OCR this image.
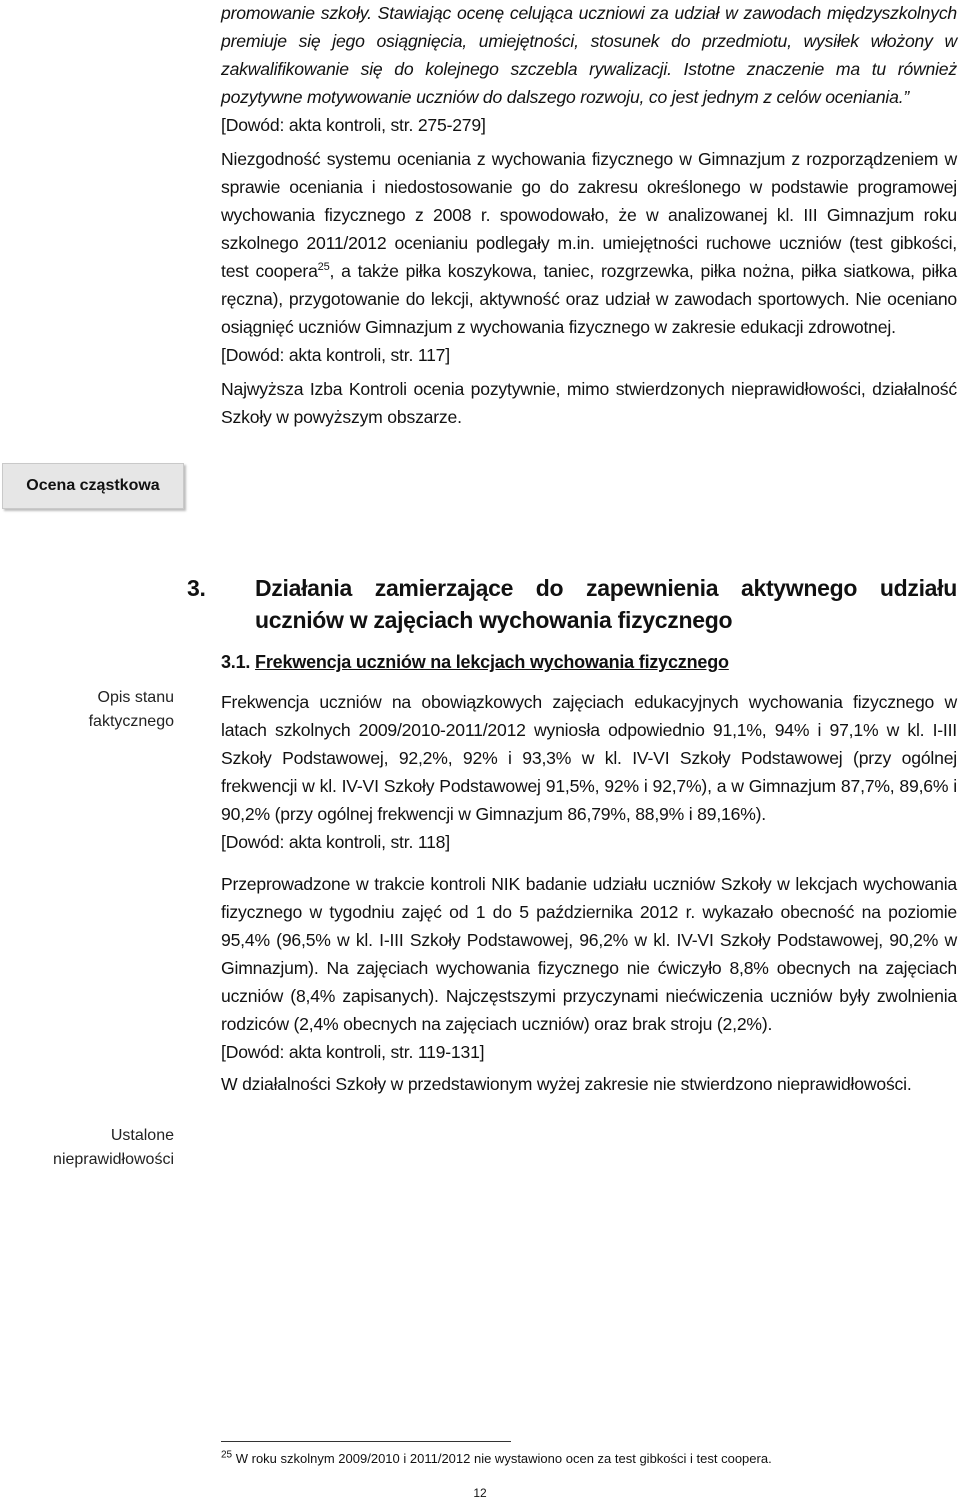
promowanie szkoły. Stawiając ocenę celująca uczniowi za udział w zawodach międzyszkolnych premiuje się jego osiągnięcia, umiejętności, stosunek do przedmiotu, wysiłek włożony w zakwalifikowanie się do kolejnego szczebla rywalizacji. Istotne znaczenie ma tu również pozytywne motywowanie uczniów do dalszego rozwoju, co jest jednym z celów oceniania.”

[Dowód: akta kontroli, str. 275-279]

Niezgodność systemu oceniania z wychowania fizycznego w Gimnazjum z rozporządzeniem w sprawie oceniania i niedostosowanie go do zakresu określonego w podstawie programowej wychowania fizycznego z 2008 r. spowodowało, że w analizowanej kl. III Gimnazjum roku szkolnego 2011/2012 ocenianiu podlegały m.in. umiejętności ruchowe uczniów (test gibkości, test coopera$^{25}$, a także piłka koszykowa, taniec, rozgrzewka, piłka nożna, piłka siatkowa, piłka ręczna), przygotowanie do lekcji, aktywność oraz udział w zawodach sportowych. Nie oceniano osiągnięć uczniów Gimnazjum z wychowania fizycznego w zakresie edukacji zdrowotnej.

[Dowód: akta kontroli, str. 117]

Najwyższa Izba Kontroli ocenia pozytywnie, mimo stwierdzonych nieprawidłowości, działalność Szkoły w powyższym obszarze.

Ocena cząstkowa
3. Działania zamierzające do zapewnienia aktywnego udziału uczniów w zajęciach wychowania fizycznego
3.1. Frekwencja uczniów na lekcjach wychowania fizycznego
Opis stanu
faktycznego

Frekwencja uczniów na obowiązkowych zajęciach edukacyjnych wychowania fizycznego w latach szkolnych 2009/2010-2011/2012 wyniosła odpowiednio 91,1%, 94% i 97,1% w kl. I-III Szkoły Podstawowej, 92,2%, 92% i 93,3% w kl. IV-VI Szkoły Podstawowej (przy ogólnej frekwencji w kl. IV-VI Szkoły Podstawowej 91,5%, 92% i 92,7%), a w Gimnazjum 87,7%, 89,6% i 90,2% (przy ogólnej frekwencji w Gimnazjum 86,79%, 88,9% i 89,16%).

[Dowód: akta kontroli, str. 118]

Przeprowadzone w trakcie kontroli NIK badanie udziału uczniów Szkoły w lekcjach wychowania fizycznego w tygodniu zajęć od 1 do 5 października 2012 r. wykazało obecność na poziomie 95,4% (96,5% w kl. I-III Szkoły Podstawowej, 96,2% w kl. IV-VI Szkoły Podstawowej, 90,2% w Gimnazjum). Na zajęciach wychowania fizycznego nie ćwiczyło 8,8% obecnych na zajęciach uczniów (8,4% zapisanych). Najczęstszymi przyczynami niećwiczenia uczniów były zwolnienia rodziców (2,4% obecnych na zajęciach uczniów) oraz brak stroju (2,2%).

[Dowód: akta kontroli, str. 119-131]

W działalności Szkoły w przedstawionym wyżej zakresie nie stwierdzono nieprawidłowości.

Ustalone
nieprawidłowości
$^{25}$ W roku szkolnym 2009/2010 i 2011/2012 nie wystawiono ocen za test gibkości i test coopera.
12
